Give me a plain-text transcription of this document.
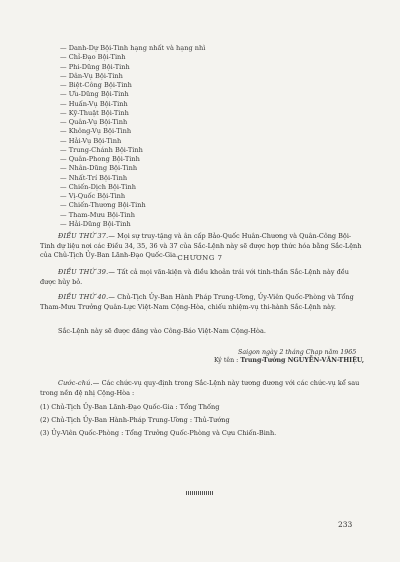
— Danh-Dự Bội-Tinh hạng nhất và hạng nhì
— Chỉ-Đạo Bội-Tinh
— Phi-Dũng Bội-Tinh
— Dân-Vụ Bội-Tinh
— Biệt-Công Bội-Tinh
— Ưu-Dũng Bội-Tinh
— Huấn-Vụ Bội-Tinh
— Kỹ-Thuật Bội-Tinh
— Quân-Vụ Bội-Tinh
— Không-Vụ Bội-Tinh
— Hải-Vụ Bội-Tinh
— Trung-Chánh Bội-Tinh
— Quân-Phong Bội-Tinh
— Nhân-Dũng Bội-Tinh
— Nhất-Trí Bội-Tinh
— Chiến-Dịch Bội-Tinh
— Vị-Quốc Bội-Tinh
— Chiến-Thương Bội-Tinh
— Tham-Mưu Bội-Tinh
— Hải-Dũng Bội-Tinh

ĐIỀU THỨ 37.— Mọi sự truy-tặng và ân cấp Bảo-Quốc Huân-Chương và Quân-Công Bội-Tinh dự liệu nơi các Điều 34, 35, 36 và 37 của Sắc-Lệnh này sẽ được hợp thức hóa bằng Sắc-Lệnh của Chủ-Tịch Ủy-Ban Lãnh-Đạo Quốc-Gia. CHƯƠNG 7

ĐIỀU THỨ 39.— Tất cả mọi văn-kiện và điều khoản trái với tinh-thần Sắc-Lệnh này đều được hủy bỏ.

ĐIỀU THỨ 40.— Chủ-Tịch Ủy-Ban Hành Pháp Trung-Ương, Ủy-Viên Quốc-Phòng và Tổng Tham-Mưu Trưởng Quân-Lực Việt-Nam Cộng-Hòa, chiếu nhiệm-vụ thi-hành Sắc-Lệnh này.

Sắc-Lệnh này sẽ được đăng vào Công-Báo Việt-Nam Cộng-Hòa.

Saigon ngày 2 tháng Chạp năm 1965
Ký tên : Trung-Tướng NGUYỄN-VĂN-THIỆU,

Cước-chú.— Các chức-vụ quy-định trong Sắc-Lệnh này tương đương với các chức-vụ kể sau trong nền đệ nhị Cộng-Hòa :

(1) Chủ-Tịch Ủy-Ban Lãnh-Đạo Quốc-Gia : Tổng Thống

(2) Chủ-Tịch Ủy-Ban Hành-Pháp Trung-Ương : Thủ-Tướng

(3) Ủy-Viên Quốc-Phòng : Tổng Trưởng Quốc-Phòng và Cựu Chiến-Binh.

233
